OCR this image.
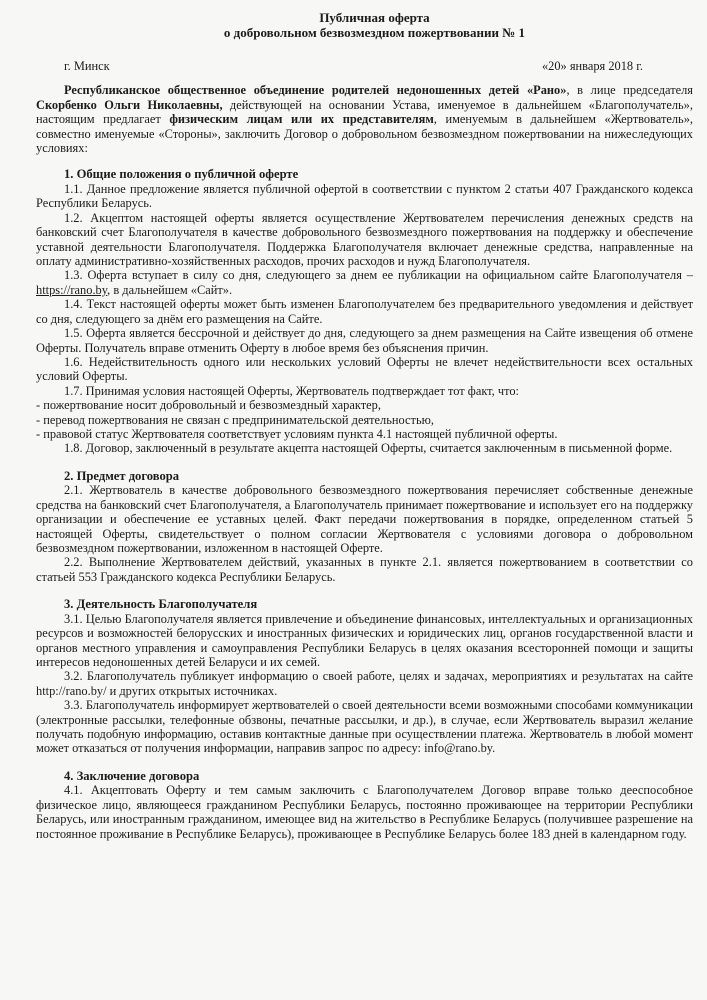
Публичная оферта
о добровольном безвозмездном пожертвовании № 1
г. Минск	«20» января 2018 г.

Республиканское общественное объединение родителей недоношенных детей «Рано», в лице председателя Скорбенко Ольги Николаевны, действующей на основании Устава, именуемое в дальнейшем «Благополучатель», настоящим предлагает физическим лицам или их представителям, именуемым в дальнейшем «Жертвователь», совместно именуемые «Стороны», заключить Договор о добровольном безвозмездном пожертвовании на нижеследующих условиях:

1. Общие положения о публичной оферте

1.1. Данное предложение является публичной офертой в соответствии с пунктом 2 статьи 407 Гражданского кодекса Республики Беларусь.

1.2. Акцептом настоящей оферты является осуществление Жертвователем перечисления денежных средств на банковский счет Благополучателя в качестве добровольного безвозмездного пожертвования на поддержку и обеспечение уставной деятельности Благополучателя. Поддержка Благополучателя включает денежные средства, направленные на оплату административно-хозяйственных расходов, прочих расходов и нужд Благополучателя.

1.3. Оферта вступает в силу со дня, следующего за днем ее публикации на официальном сайте Благополучателя – https://rano.by, в дальнейшем «Сайт».

1.4. Текст настоящей оферты может быть изменен Благополучателем без предварительного уведомления и действует со дня, следующего за днём его размещения на Сайте.

1.5. Оферта является бессрочной и действует до дня, следующего за днем размещения на Сайте извещения об отмене Оферты. Получатель вправе отменить Оферту в любое время без объяснения причин.

1.6. Недействительность одного или нескольких условий Оферты не влечет недействительности всех остальных условий Оферты.

1.7. Принимая условия настоящей Оферты, Жертвователь подтверждает тот факт, что:

- пожертвование носит добровольный и безвозмездный характер,

- перевод пожертвования не связан с предпринимательской деятельностью,

- правовой статус Жертвователя соответствует условиям пункта 4.1 настоящей публичной оферты.

1.8. Договор, заключенный в результате акцепта настоящей Оферты, считается заключенным в письменной форме.

2. Предмет договора

2.1. Жертвователь в качестве добровольного безвозмездного пожертвования перечисляет собственные денежные средства на банковский счет Благополучателя, а Благополучатель принимает пожертвование и использует его на поддержку организации и обеспечение ее уставных целей. Факт передачи пожертвования в порядке, определенном статьей 5 настоящей Оферты, свидетельствует о полном согласии Жертвователя с условиями договора о добровольном безвозмездном пожертвовании, изложенном в настоящей Оферте.

2.2. Выполнение Жертвователем действий, указанных в пункте 2.1. является пожертвованием в соответствии со статьей 553 Гражданского кодекса Республики Беларусь.

3. Деятельность Благополучателя

3.1. Целью Благополучателя является привлечение и объединение финансовых, интеллектуальных и организационных ресурсов и возможностей белорусских и иностранных физических и юридических лиц, органов государственной власти и органов местного управления и самоуправления Республики Беларусь в целях оказания всесторонней помощи и защиты интересов недоношенных детей Беларуси и их семей.

3.2. Благополучатель публикует информацию о своей работе, целях и задачах, мероприятиях и результатах на сайте http://rano.by/ и других открытых источниках.

3.3. Благополучатель информирует жертвователей о своей деятельности всеми возможными способами коммуникации (электронные рассылки, телефонные обзвоны, печатные рассылки, и др.), в случае, если Жертвователь выразил желание получать подобную информацию, оставив контактные данные при осуществлении платежа. Жертвователь в любой момент может отказаться от получения информации, направив запрос по адресу: info@rano.by.

4. Заключение договора

4.1. Акцептовать Оферту и тем самым заключить с Благополучателем Договор вправе только дееспособное физическое лицо, являющееся гражданином Республики Беларусь, постоянно проживающее на территории Республики Беларусь, или иностранным гражданином, имеющее вид на жительство в Республике Беларусь (получившее разрешение на постоянное проживание в Республике Беларусь), проживающее в Республике Беларусь более 183 дней в календарном году.
